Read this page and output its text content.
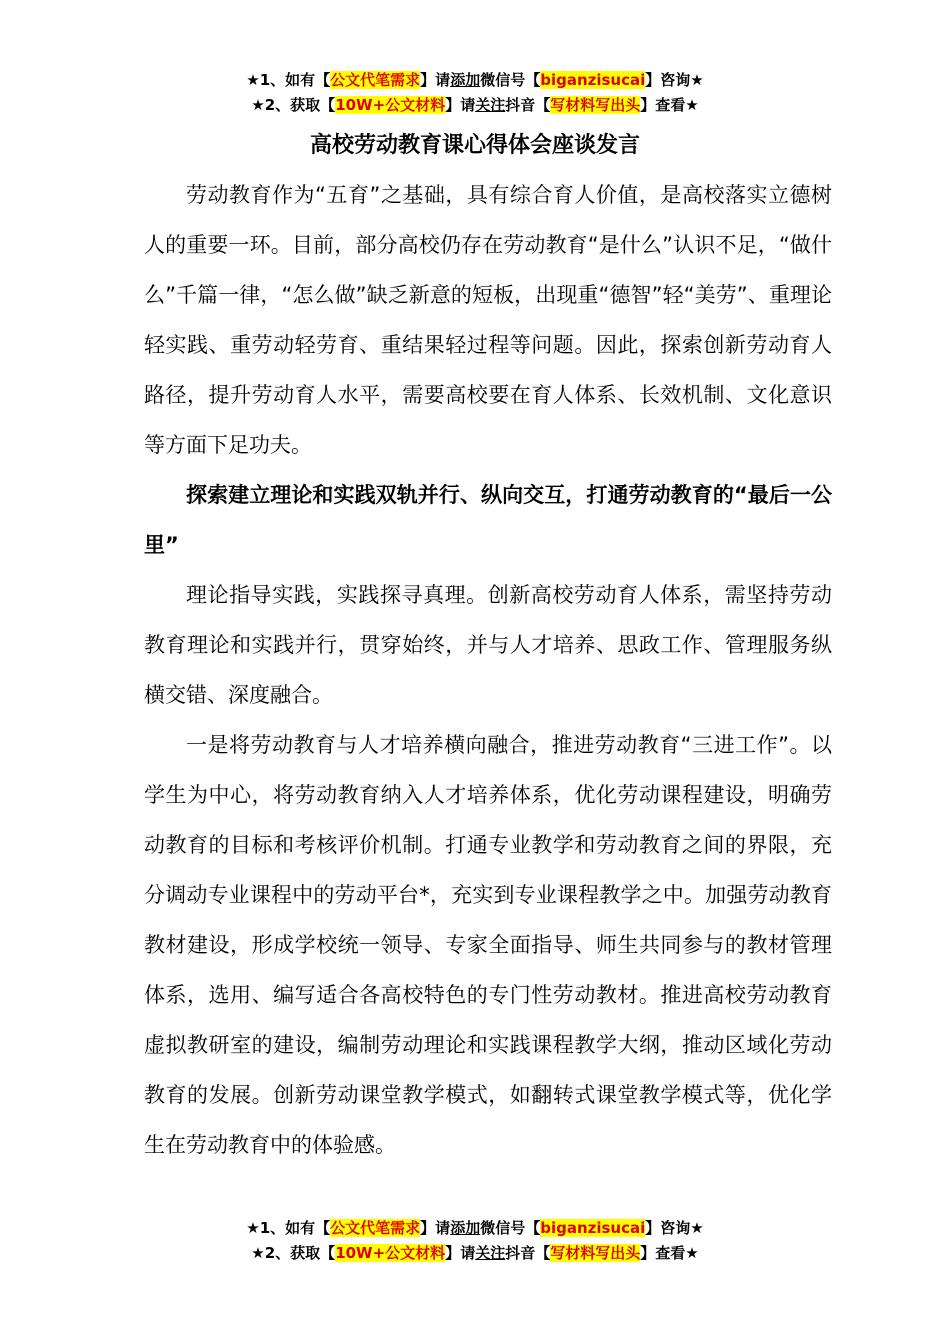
★1、如有【公文代笔需求】请添加微信号【biganzisucai】咨询★
★2、获取【10W+公文材料】请关注抖音【写材料写出头】查看★
高校劳动教育课心得体会座谈发言

劳动教育作为“五育”之基础，具有综合育人价值，是高校落实立德树人的重要一环。目前，部分高校仍存在劳动教育“是什么”认识不足，“做什么”千篇一律，“怎么做”缺乏新意的短板，出现重“德智”轻“美劳”、重理论轻实践、重劳动轻劳育、重结果轻过程等问题。因此，探索创新劳动育人路径，提升劳动育人水平，需要高校要在育人体系、长效机制、文化意识等方面下足功夫。

探索建立理论和实践双轨并行、纵向交互，打通劳动教育的“最后一公里”

理论指导实践，实践探寻真理。创新高校劳动育人体系，需坚持劳动教育理论和实践并行，贯穿始终，并与人才培养、思政工作、管理服务纵横交错、深度融合。

一是将劳动教育与人才培养横向融合，推进劳动教育“三进工作”。以学生为中心，将劳动教育纳入人才培养体系，优化劳动课程建设，明确劳动教育的目标和考核评价机制。打通专业教学和劳动教育之间的界限，充分调动专业课程中的劳动平台*，充实到专业课程教学之中。加强劳动教育教材建设，形成学校统一领导、专家全面指导、师生共同参与的教材管理体系，选用、编写适合各高校特色的专门性劳动教材。推进高校劳动教育虚拟教研室的建设，编制劳动理论和实践课程教学大纲，推动区域化劳动教育的发展。创新劳动课堂教学模式，如翻转式课堂教学模式等，优化学生在劳动教育中的体验感。

★1、如有【公文代笔需求】请添加微信号【biganzisucai】咨询★
★2、获取【10W+公文材料】请关注抖音【写材料写出头】查看★
